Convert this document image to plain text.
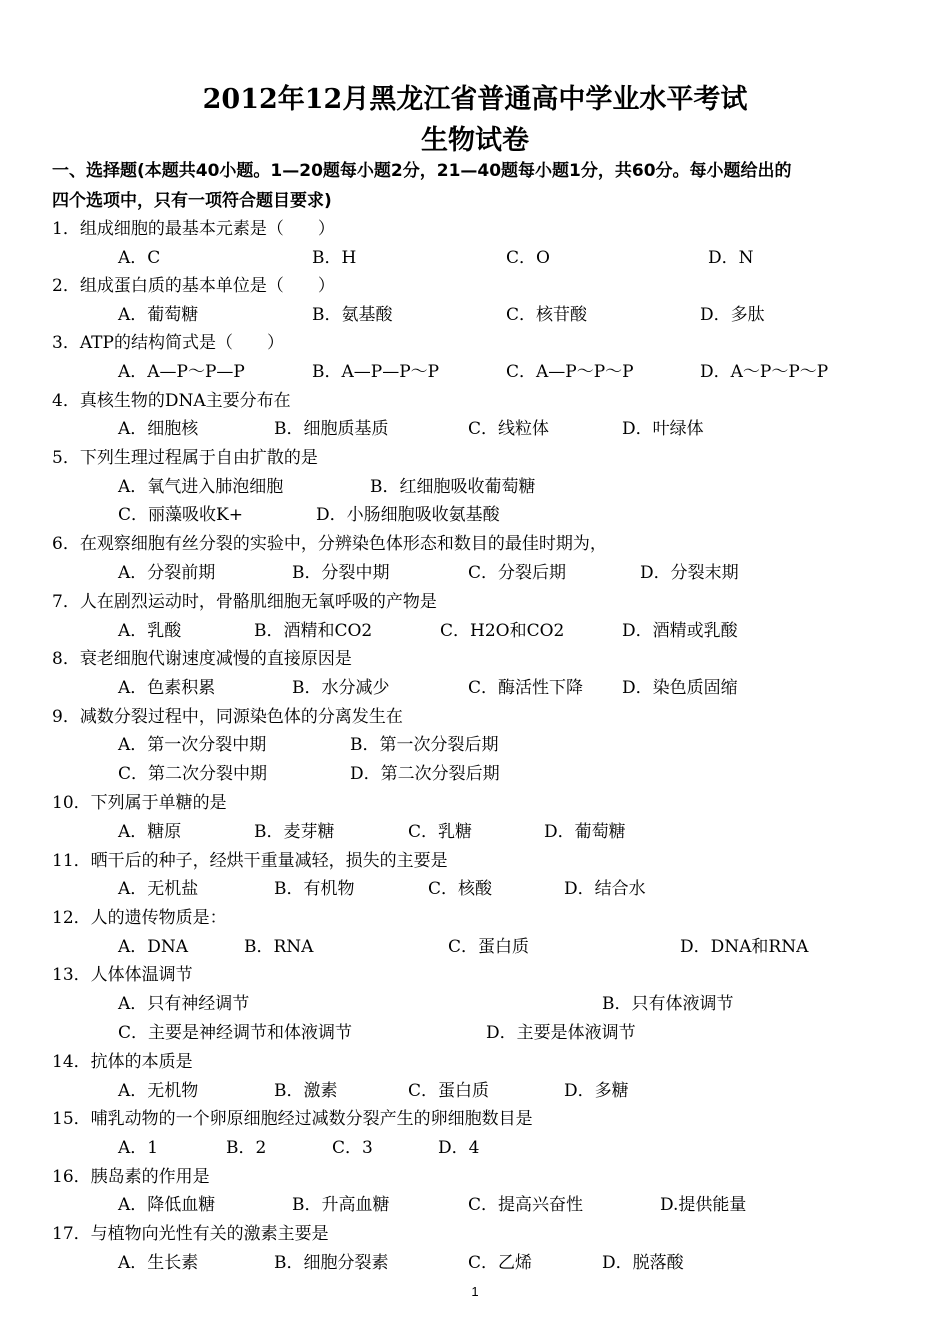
2012年12月黑龙江省普通高中学业水平考试
生物试卷
一、选择题(本题共40小题。1—20题每小题2分，21—40题每小题1分，共60分。每小题给出的
四个选项中，只有一项符合题目要求)
1．组成细胞的最基本元素是（　　）
A．C	B．H	C．O	D．N
2．组成蛋白质的基本单位是（　　）
A．葡萄糖	B．氨基酸	C．核苷酸	D．多肽
3．ATP的结构简式是（　　）
A．A—P～P—P	B．A—P—P～P	C．A—P～P～P	D．A～P～P～P
4．真核生物的DNA主要分布在
A．细胞核	B．细胞质基质	C．线粒体	D．叶绿体
5．下列生理过程属于自由扩散的是
A．氧气进入肺泡细胞	B．红细胞吸收葡萄糖
C．丽藻吸收K+	D．小肠细胞吸收氨基酸
6．在观察细胞有丝分裂的实验中，分辨染色体形态和数目的最佳时期为，
A．分裂前期	B．分裂中期	C．分裂后期	D．分裂末期
7．人在剧烈运动时，骨骼肌细胞无氧呼吸的产物是
A．乳酸	B．酒精和CO2	C．H2O和CO2	D．酒精或乳酸
8．衰老细胞代谢速度减慢的直接原因是
A．色素积累	B．水分减少	C．酶活性下降 D．染色质固缩
9．减数分裂过程中，同源染色体的分离发生在
A．第一次分裂中期	B．第一次分裂后期
C．第二次分裂中期	D．第二次分裂后期
10．下列属于单糖的是
A．糖原	B．麦芽糖	C．乳糖	D．葡萄糖
11．晒干后的种子，经烘干重量减轻，损失的主要是
A．无机盐	B．有机物	C．核酸	D．结合水
12．人的遗传物质是：
A．DNA	B．RNA	C．蛋白质	D．DNA和RNA
13．人体体温调节
A．只有神经调节	B．只有体液调节
C．主要是神经调节和体液调节	D．主要是体液调节
14．抗体的本质是
A．无机物	B．激素	C．蛋白质	D．多糖
15．哺乳动物的一个卵原细胞经过减数分裂产生的卵细胞数目是
A．1	B．2	C．3	D．4
16．胰岛素的作用是
A．降低血糖	B．升高血糖	C．提高兴奋性	D.提供能量
17．与植物向光性有关的激素主要是
A．生长素	B．细胞分裂素	C．乙烯	D．脱落酸
1
